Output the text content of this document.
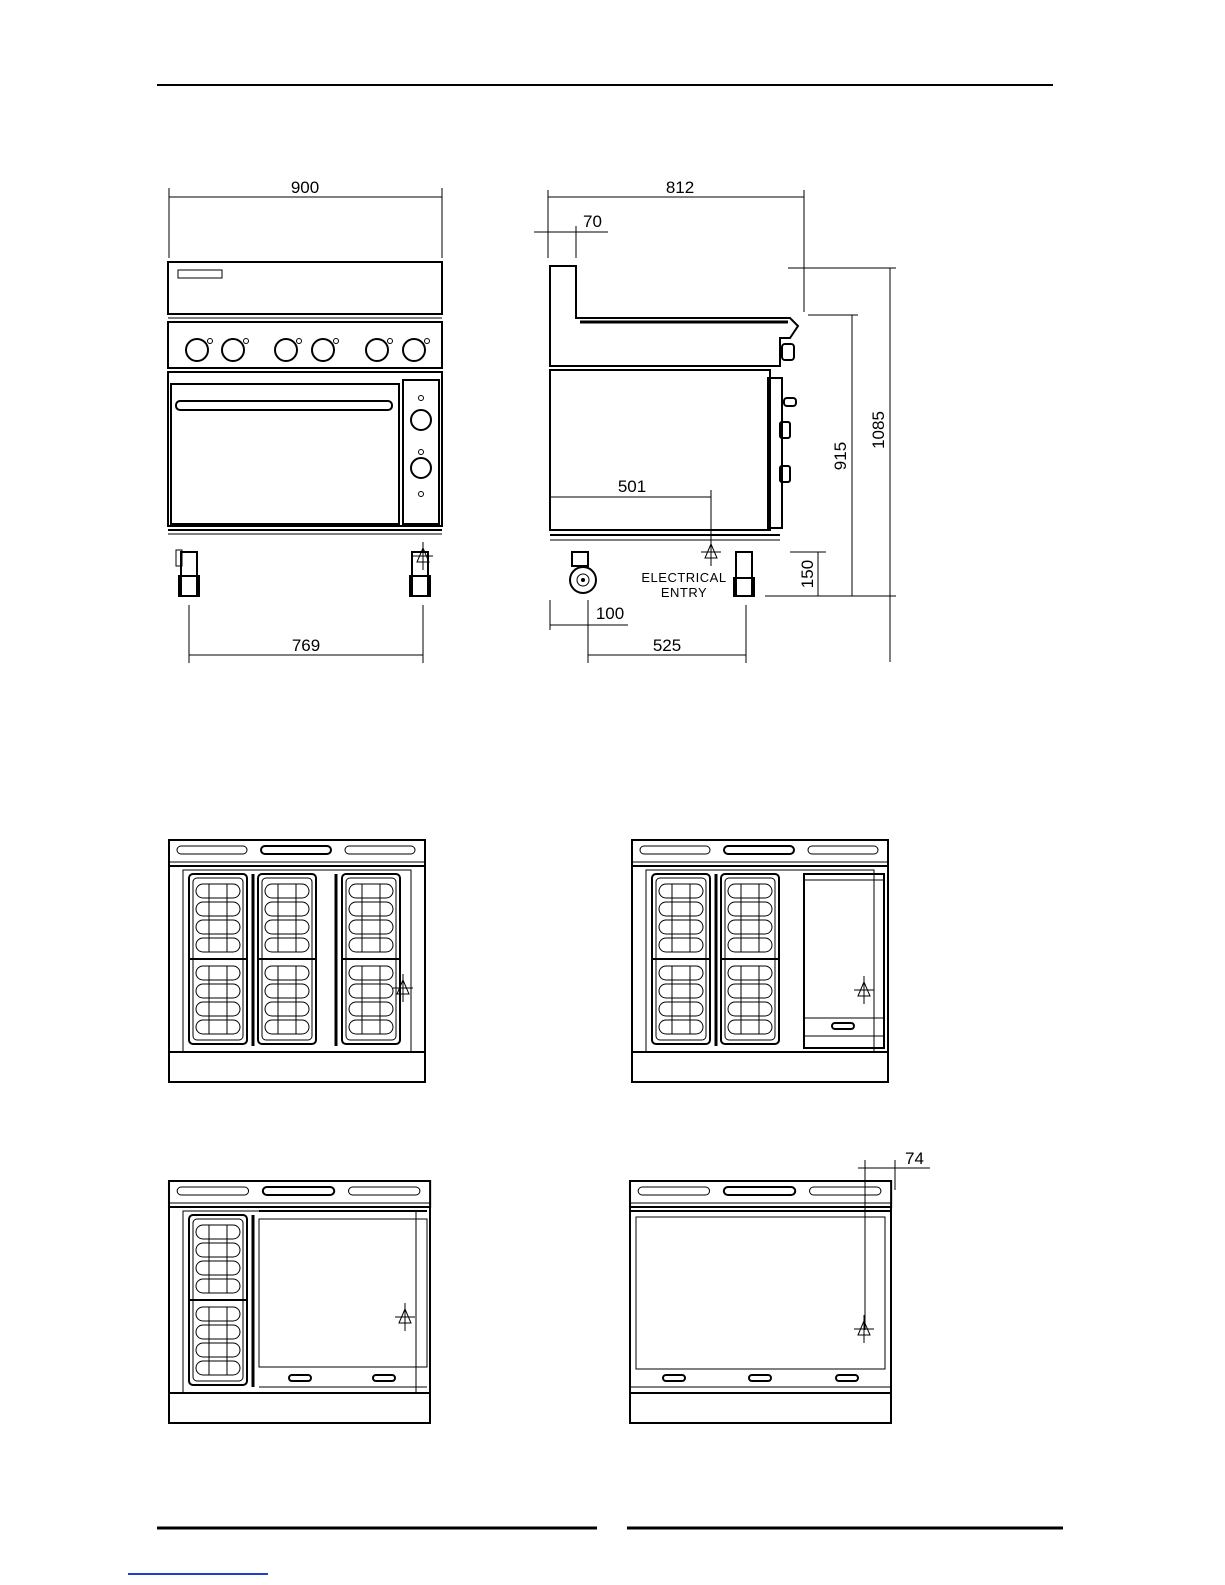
900
769
812
70
501
ELECTRICAL
ENTRY
100
525
150
915
1085
74
